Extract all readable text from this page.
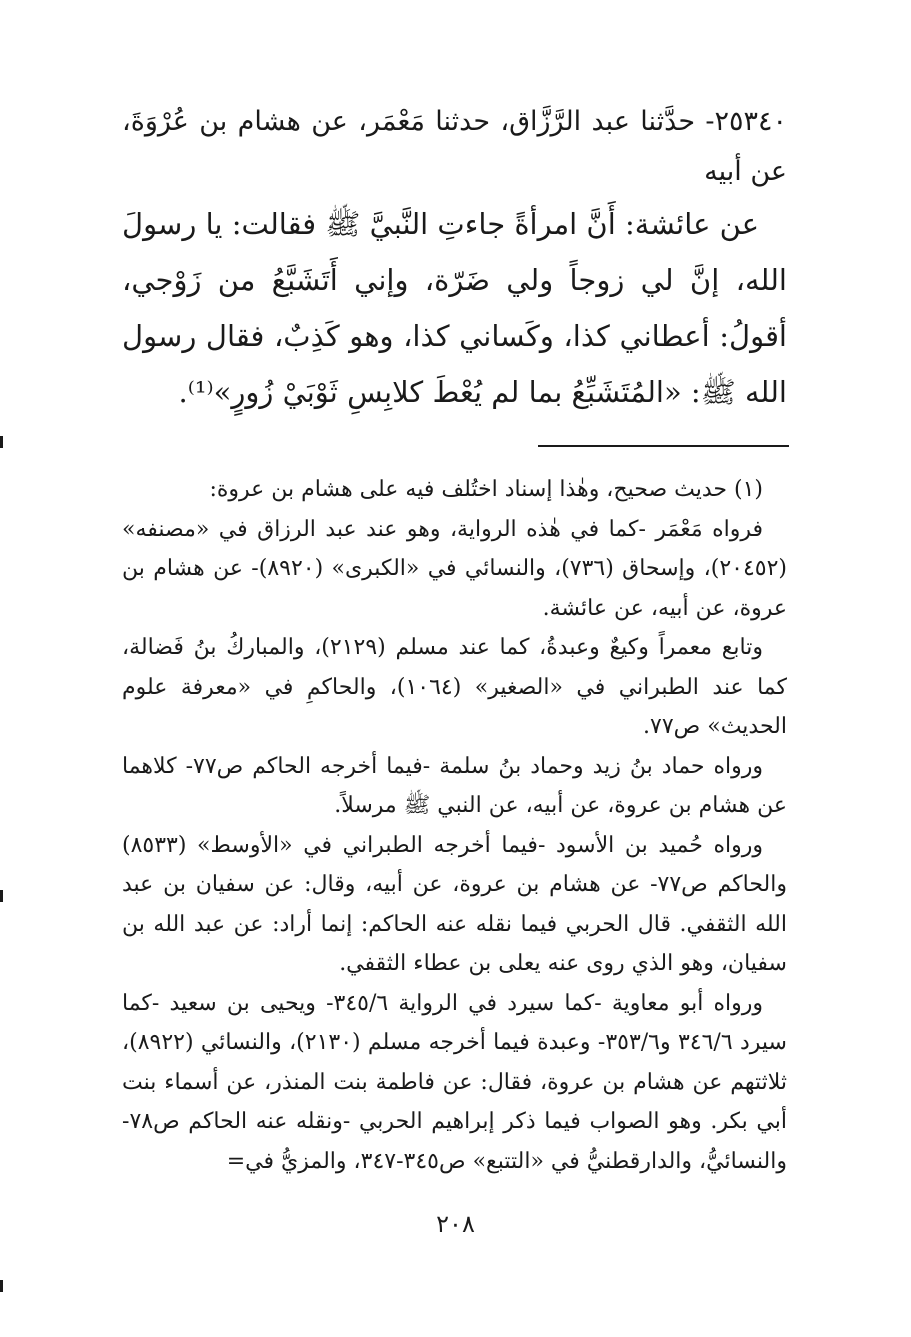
٢٥٣٤٠- حدَّثنا عبد الرَّزَّاق، حدثنا مَعْمَر، عن هشام بن عُرْوَةَ، عن أبيه

عن عائشة: أَنَّ امرأةً جاءتِ النَّبيَّ ﷺ فقالت: يا رسولَ الله، إنَّ لي زوجاً ولي ضَرّة، وإني أَتَشَبَّعُ من زَوْجي، أقولُ: أعطاني كذا، وكَساني كذا، وهو كَذِبٌ، فقال رسول الله ﷺ: «المُتَشَبِّعُ بما لم يُعْطَ كلابِسِ ثَوْبَيْ زُورٍ»⁽¹⁾.

(١) حديث صحيح، وهٰذا إسناد اختُلف فيه على هشام بن عروة:

فرواه مَعْمَر -كما في هٰذه الرواية، وهو عند عبد الرزاق في «مصنفه» (٢٠٤٥٢)، وإسحاق (٧٣٦)، والنسائي في «الكبرى» (٨٩٢٠)- عن هشام بن عروة، عن أبيه، عن عائشة.

وتابع معمراً وكيعٌ وعبدةُ، كما عند مسلم (٢١٢٩)، والمباركُ بنُ فَضالة، كما عند الطبراني في «الصغير» (١٠٦٤)، والحاكمِ في «معرفة علوم الحديث» ص٧٧.

ورواه حماد بنُ زيد وحماد بنُ سلمة -فيما أخرجه الحاكم ص٧٧- كلاهما عن هشام بن عروة، عن أبيه، عن النبي ﷺ مرسلاً.

ورواه حُميد بن الأسود -فيما أخرجه الطبراني في «الأوسط» (٨٥٣٣) والحاكم ص٧٧- عن هشام بن عروة، عن أبيه، وقال: عن سفيان بن عبد الله الثقفي. قال الحربي فيما نقله عنه الحاكم: إنما أراد: عن عبد الله بن سفيان، وهو الذي روى عنه يعلى بن عطاء الثقفي.

ورواه أبو معاوية -كما سيرد في الرواية ٣٤٥/٦- ويحيى بن سعيد -كما سيرد ٣٤٦/٦ و٣٥٣/٦- وعبدة فيما أخرجه مسلم (٢١٣٠)، والنسائي (٨٩٢٢)، ثلاثتهم عن هشام بن عروة، فقال: عن فاطمة بنت المنذر، عن أسماء بنت أبي بكر. وهو الصواب فيما ذكر إبراهيم الحربي -ونقله عنه الحاكم ص٧٨- والنسائيُّ، والدارقطنيُّ في «التتبع» ص٣٤٥-٣٤٧، والمزيُّ في=

٢٠٨
